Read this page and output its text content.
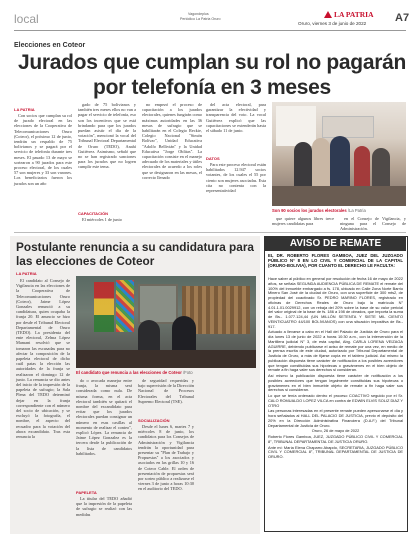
local	Vagondeplus
Periódico La Patria Oruro	LA PATRIA
Oruro, viernes 3 de junio de 2022	A7
Elecciones en Coteor
Jurados que cumplan su rol no pagarán por telefonía en 3 meses
LA PATRIA

Con socios que cumplan su rol de jurado electoral en las elecciones de la Cooperativa de Telecomunicaciones Oruro (Coteor), el próximo 12 de junio, tendrán un respaldo de 75 bolivianos y se pagará por el servicio de telefonía durante tres meses. El pasado 13 de mayo se sortearon a 90 jurados para este proceso electoral, de los cuales 57 son mujeres y 33 son varones. Los beneficiarios fueron los jurados son un año

gado de 75 bolivianos y también tres meses ellos no van a pagar el servicio de telefonía, eso son los incentivos que se está brindando para que los jurados puedan asistir el día de la votación", mencionó la vocal del Tribunal Electoral Departamental de Oruro (TEDO), Anahí Gutiérrez. Asimismo, señaló que no se han registrado sanciones para los jurados que no logren cumplir este tema.

CAPACITACIÓN

El miércoles 1 de junio

no empezó el proceso de capacitación a los jurados electorales, quienes fungirán como máximas autoridades en las 36 mesas de sufragio que se habilitarán en el Colegio Reckie, Colegio Nacional "Simón Bolívar", Unidad Educativa "Adolfo Bellivián" y la Unidad Educativa "Jorge Oblitas". La capacitación consiste en el manejo adecuado de los materiales y útiles electorales de acuerdo a los roles que se designaron en las mesas, el correcto llenado

del acta electoral, para garantizar la efectividad y transparencia del voto. La vocal Gutiérrez explicó que las capacitaciones se extenderán hasta el sábado 11 de junio.

DATOS

Para este proceso electoral están habilitados 12.947 socios votantes, de los cuales el 55 por ciento son mujeres asociadas. Esta cita no contenta con la representatividad

Son 90 socios los jurados electorales /La Patria

que quiere algunos libres trece mujeres candidatas para

en el Consejo de Vigilancia, y ninguna para el Consejo de Administración.

Postulante renuncia a su candidatura para las elecciones de Coteor
LA PATRIA

El candidato al Consejo de Vigilancia en las elecciones de la Cooperativa de Telecomunicaciones Oruro (Coteor), Jaime López Gonzales renunció a su candidatura, quien ocupaba la franja 20. El anuncio se hizo por desde el Tribunal Electoral Departamental de Oruro (TEDO). La presidenta del ente electoral, Zelma López Mamani resolvió que se tomaron las escusadas para no afectar la composición de la papeleta electoral de dicho cuál patas la elección las autoridades de la franja se realizaron el domingo 12 de junio. La renuncia se dio antes del inicio de la impresión de la papeleta de sufragio; la Sala Plena del TEDO determinó dejar en la franja correspondiente con el número del socio de ubicación, y se excluyó la fotografía, el nombre, el aspecto del recuadro para la votación del ahora excandidato. Tras esta renuncia la

El candidato que renuncia a las elecciones de Coteor /Foto

do o avocada manejar entre franja, la misma será considerada como nula. De misma forma, en el acta electoral también se quitará el nombre del excandidato para evitar que los jurados electorales puedan consignar un número en esas casillas al momento de realizar el conteo", explicó López. La renuncia de Jaime López Gonzalez es la tercera desde la publicación de la lista de candidatos habilitados.

PAPELETA

La titular del TEDO añadió que la impresión de la papeleta de sufragio se realizó con las medidas

de seguridad requeridas y bajo supervisión de la Dirección Nacional de Procesos Electorales del Tribunal Supremo Electoral (TSE).

SOCIALIZACIÓN

Desde el lunes 6, martes 7 y miércoles 8 de junio, los candidatos para los Consejos de Administración y Vigilancia tendrán la oportunidad para presentar su "Plan de Trabajo y Propuestas" a los asociados y asociados en las grillas 10 y 16 de Coteor Cable. El orden de presentación de propuestas será por sorteo público a realizarse el viernes 3 de junio a horas 10:30 en el auditorio del TEDO.

AVISO DE REMATE
EL DR. ROBERTO FLORES GAMBOA, JUEZ DEL JUZGADO PÚBLICO N° 8 EN LO CIVIL Y COMERCIAL DE LA CAPITAL (ORURO-BOLIVIA), POR CUANTO EL DERECHO LE FACULTA:

Hace saber al público en general por resolución de fecha 16 de mayo de 2022 años, se señala SEGUNDA AUDIENCIA PÚBLICA DE REMATE el remate del 100% del inmueble embargado a fs. 178, ubicado en Calle Zona Norte Barrio Minero San José de la ciudad de Oruro, con una superficie de 300 mts2, de propiedad del coactivado Sr. PEDRO MARINO FLORES, registrado en oficinas de Derechos Reales de Oruro bajo la matrícula N° 4.01.1.01.0029912, con un rebaja del 20% sobre la base de su valor pericial del valor original de la base de fs. 186 a 198 de obrados, que importa la suma de Bs.- 1.077.124,44 (UN MILLÓN SETENTA Y SIETE MIL CIENTO VEINTICUATRO 44/100 BOLIVIANOS) con una situación impositiva de Bs.- 917.

Actuado a llevarse a cabo en el Hall del Palacio de Justicia de Oruro para el día lunes 13 de junio de 2022 a horas 10:30 a.m., con la intervención de la Martillera judicial N° 3, de esta capital, Abg. CARLA LORENA VEIZAGA AGUIRRE, debiendo publicarse el aviso de remate por una vez, en medio de la prensa escrita de este ciudad, autorizado por Tribunal Departamental de Justicia de Oruro, a más de fijarse copia en el tablero judicial. Así mismo la publicación dispuesta tiene carácter de notificación a los posibles acreedores que tengan constituidas sus hipotecas o gravámenes en el bien objeto de remate a fin haga valer sus derechos si consideran.

Así mismo la publicación dispuesta tiene carácter de notificación a los posibles acreedores que tengan legalmente constituidas sus hipotecas o gravámenes en el bien inmueble objeto de remate a fin haga valer sus derechos si consideran.

Lo que se tenía ordenado dentro el proceso COACTIVO seguido por el Sr. CALO ROMUALDO LOPEZ VILCA en contra de EDWIN ELVIS SOLIZ DIAZ Y OTRO

Las personas interesadas en el presente remate pueden apersonarse el día y hora señalados al HALL DEL PALACIO DE JUSTICIA, previo el depósito del 20% en la Dirección Administrativa Financiera (D.A.F.) del Tribunal Departamental de Justicia de Oruro.

Oruro, 26 de mayo de 2022

Roberto Flores Gamboa, JUEZ, JUZGADO PÚBLICO CIVIL Y COMERCIAL 8°, TRIBUNAL DEPARTAMENTAL DE JUSTICIA ORURO.

Ante mí: María Elena Chaparro Abapdo, SECRETARIA, JUZGADO PÚBLICO CIVIL Y COMERCIAL 8°, TRIBUNAL DEPARTAMENTAL DE JUSTICIA DE ORURO.
